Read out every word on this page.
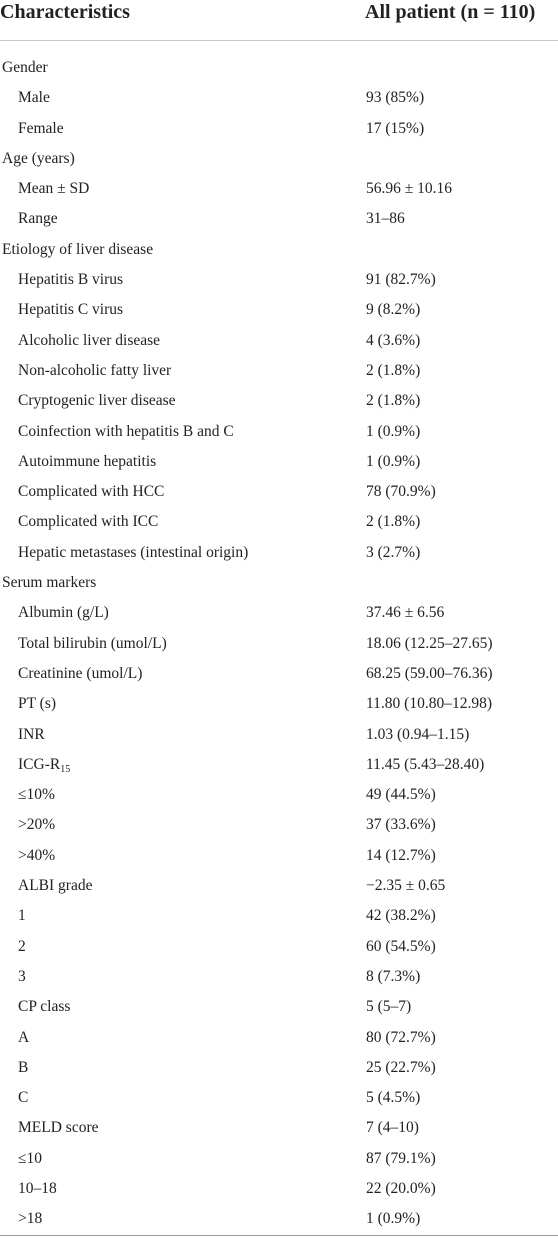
Characteristics	All patient (n = 110)
Gender
Male	93 (85%)
Female	17 (15%)
Age (years)
Mean ± SD	56.96 ± 10.16
Range	31–86
Etiology of liver disease
Hepatitis B virus	91 (82.7%)
Hepatitis C virus	9 (8.2%)
Alcoholic liver disease	4 (3.6%)
Non-alcoholic fatty liver	2 (1.8%)
Cryptogenic liver disease	2 (1.8%)
Coinfection with hepatitis B and C	1 (0.9%)
Autoimmune hepatitis	1 (0.9%)
Complicated with HCC	78 (70.9%)
Complicated with ICC	2 (1.8%)
Hepatic metastases (intestinal origin)	3 (2.7%)
Serum markers
Albumin (g/L)	37.46 ± 6.56
Total bilirubin (umol/L)	18.06 (12.25–27.65)
Creatinine (umol/L)	68.25 (59.00–76.36)
PT (s)	11.80 (10.80–12.98)
INR	1.03 (0.94–1.15)
ICG-$R_{15}$	11.45 (5.43–28.40)
≤10%	49 (44.5%)
>20%	37 (33.6%)
>40%	14 (12.7%)
ALBI grade	−2.35 ± 0.65
1	42 (38.2%)
2	60 (54.5%)
3	8 (7.3%)
CP class	5 (5–7)
A	80 (72.7%)
B	25 (22.7%)
C	5 (4.5%)
MELD score	7 (4–10)
≤10	87 (79.1%)
10–18	22 (20.0%)
>18	1 (0.9%)
